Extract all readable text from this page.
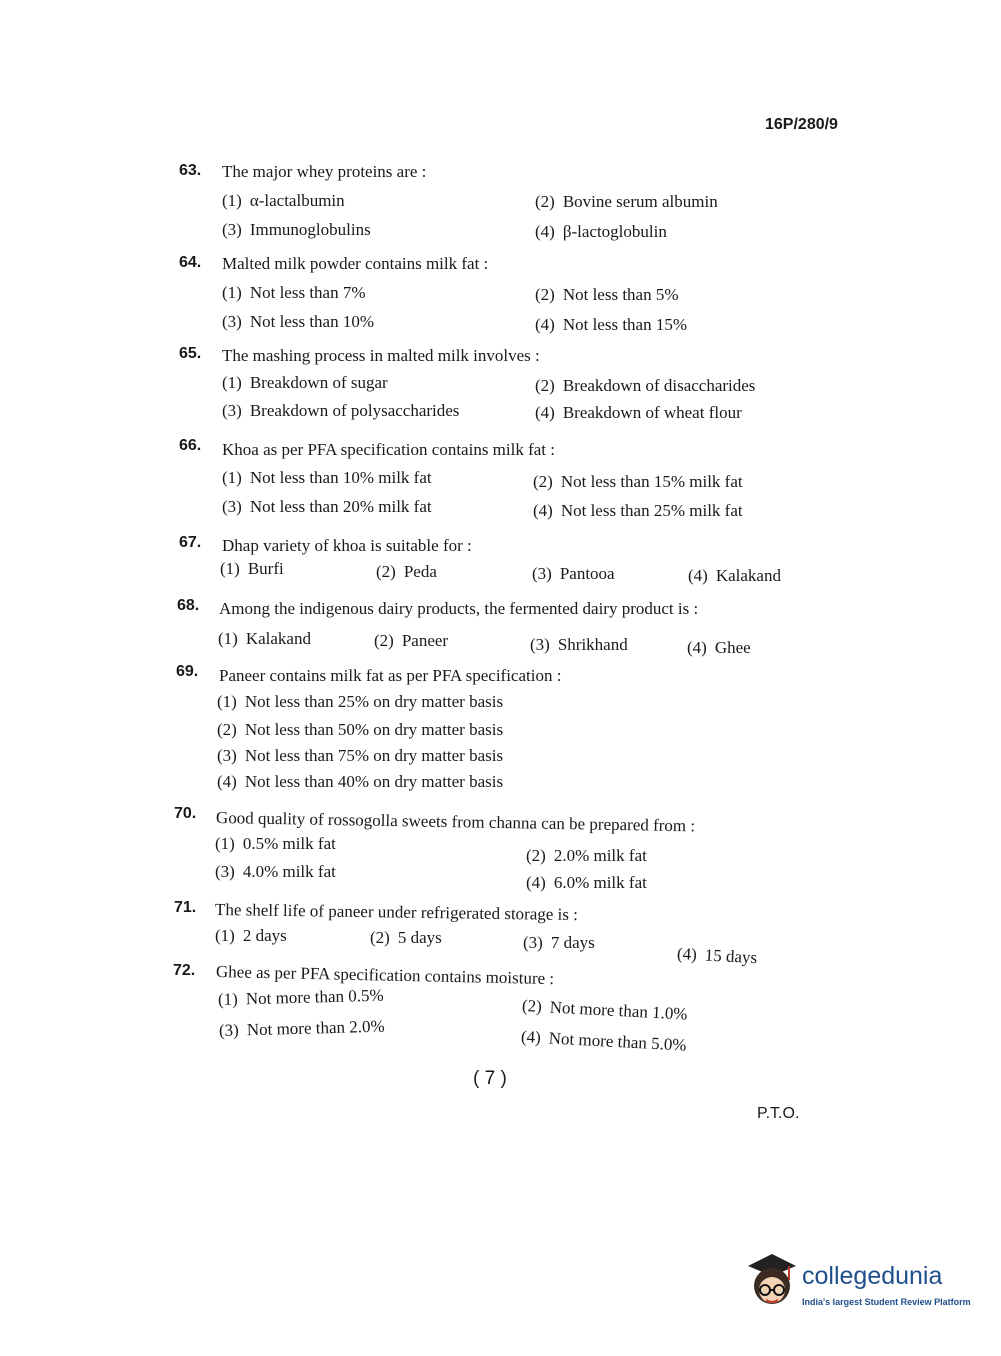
16P/280/9
63. The major whey proteins are :
(1) α-lactalbumin	(2) Bovine serum albumin
(3) Immunoglobulins	(4) β-lactoglobulin
64. Malted milk powder contains milk fat :
(1) Not less than 7%	(2) Not less than 5%
(3) Not less than 10%	(4) Not less than 15%
65. The mashing process in malted milk involves :
(1) Breakdown of sugar	(2) Breakdown of disaccharides
(3) Breakdown of polysaccharides	(4) Breakdown of wheat flour
66. Khoa as per PFA specification contains milk fat :
(1) Not less than 10% milk fat	(2) Not less than 15% milk fat
(3) Not less than 20% milk fat	(4) Not less than 25% milk fat
67. Dhap variety of khoa is suitable for :
(1) Burfi	(2) Peda	(3) Pantooa	(4) Kalakand
68. Among the indigenous dairy products, the fermented dairy product is :
(1) Kalakand	(2) Paneer	(3) Shrikhand	(4) Ghee
69. Paneer contains milk fat as per PFA specification :
(1) Not less than 25% on dry matter basis
(2) Not less than 50% on dry matter basis
(3) Not less than 75% on dry matter basis
(4) Not less than 40% on dry matter basis
70. Good quality of rossogolla sweets from channa can be prepared from :
(1) 0.5% milk fat
(2) 2.0% milk fat
(3) 4.0% milk fat
(4) 6.0% milk fat
71. The shelf life of paneer under refrigerated storage is :
(1) 2 days	(2) 5 days	(3) 7 days
(4) 15 days
72. Ghee as per PFA specification contains moisture :
(1) Not more than 0.5%	(2) Not more than 1.0%
(3) Not more than 2.0%	(4) Not more than 5.0%
( 7 )
P.T.O.
collegedunia
India's largest Student Review Platform
